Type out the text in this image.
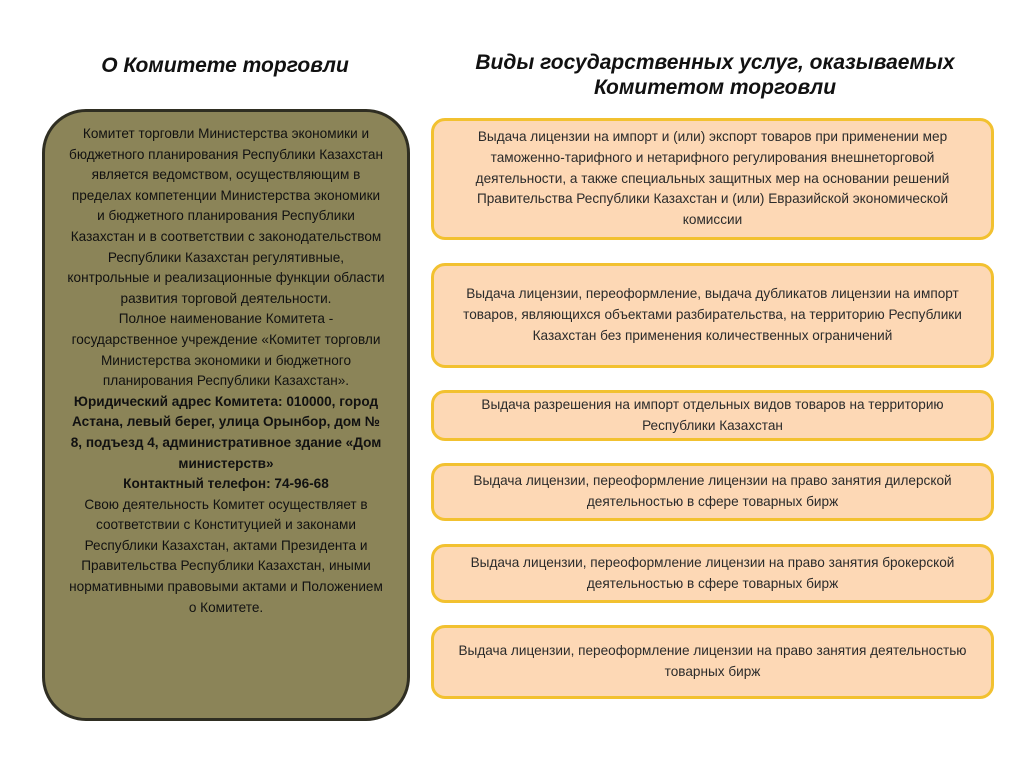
О Комитете торговли	Виды государственных услуг, оказываемых
Комитетом торговли
Комитет торговли Министерства экономики и бюджетного планирования Республики Казахстан является ведомством, осуществляющим в пределах компетенции Министерства экономики и бюджетного планирования Республики Казахстан и в соответствии с законодательством Республики Казахстан регулятивные, контрольные и реализационные функции области развития торговой деятельности.
Полное наименование Комитета - государственное учреждение «Комитет торговли Министерства экономики и бюджетного планирования Республики Казахстан».
Юридический адрес Комитета: 010000, город Астана, левый берег, улица Орынбор, дом № 8, подъезд 4, административное здание «Дом министерств»
Контактный телефон: 74-96-68
Свою деятельность Комитет осуществляет в соответствии с Конституцией и законами Республики Казахстан, актами Президента и Правительства Республики Казахстан, иными нормативными правовыми актами и Положением о Комитете.
Выдача лицензии на импорт и (или) экспорт товаров при применении мер таможенно-тарифного и нетарифного регулирования внешнеторговой деятельности, а также специальных защитных мер на основании решений Правительства Республики Казахстан и (или) Евразийской экономической комиссии
Выдача лицензии, переоформление, выдача дубликатов лицензии на импорт товаров, являющихся объектами разбирательства, на территорию Республики Казахстан без применения количественных ограничений
Выдача разрешения на импорт отдельных видов товаров на территорию Республики Казахстан
Выдача лицензии, переоформление лицензии на право занятия дилерской деятельностью в сфере товарных бирж
Выдача лицензии, переоформление лицензии на право занятия брокерской деятельностью в сфере товарных бирж
Выдача лицензии, переоформление лицензии на право занятия деятельностью товарных бирж
